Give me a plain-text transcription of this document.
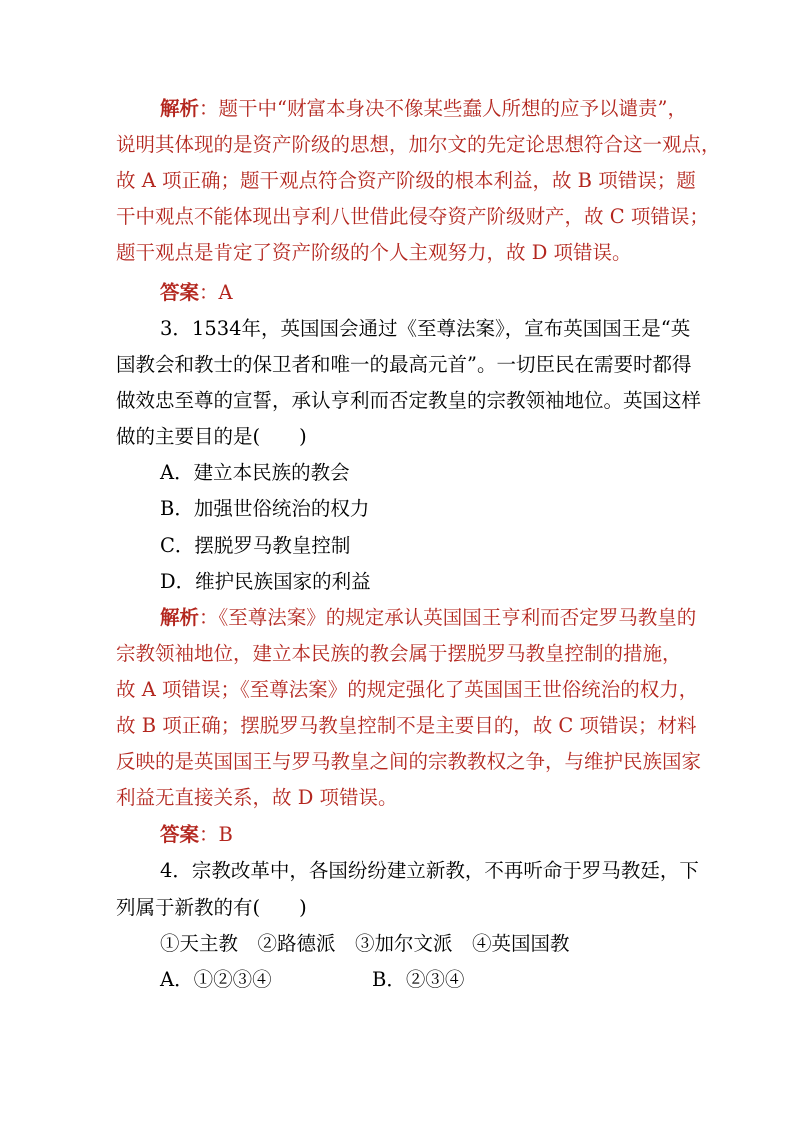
解析：题干中“财富本身决不像某些蠢人所想的应予以谴责”，
说明其体现的是资产阶级的思想，加尔文的先定论思想符合这一观点，
故 A 项正确；题干观点符合资产阶级的根本利益，故 B 项错误；题
干中观点不能体现出亨利八世借此侵夺资产阶级财产，故 C 项错误；
题干观点是肯定了资产阶级的个人主观努力，故 D 项错误。
答案：A
3．1534年，英国国会通过《至尊法案》，宣布英国国王是“英
国教会和教士的保卫者和唯一的最高元首”。一切臣民在需要时都得
做效忠至尊的宣誓，承认亨利而否定教皇的宗教领袖地位。英国这样
做的主要目的是(　　)
A．建立本民族的教会
B．加强世俗统治的权力
C．摆脱罗马教皇控制
D．维护民族国家的利益
解析：《至尊法案》的规定承认英国国王亨利而否定罗马教皇的
宗教领袖地位，建立本民族的教会属于摆脱罗马教皇控制的措施，
故 A 项错误；《至尊法案》的规定强化了英国国王世俗统治的权力，
故 B 项正确；摆脱罗马教皇控制不是主要目的，故 C 项错误；材料
反映的是英国国王与罗马教皇之间的宗教教权之争，与维护民族国家
利益无直接关系，故 D 项错误。
答案：B
4．宗教改革中，各国纷纷建立新教，不再听命于罗马教廷，下
列属于新教的有(　　)
①天主教　②路德派　③加尔文派　④英国国教
A．①②③④	B．②③④
